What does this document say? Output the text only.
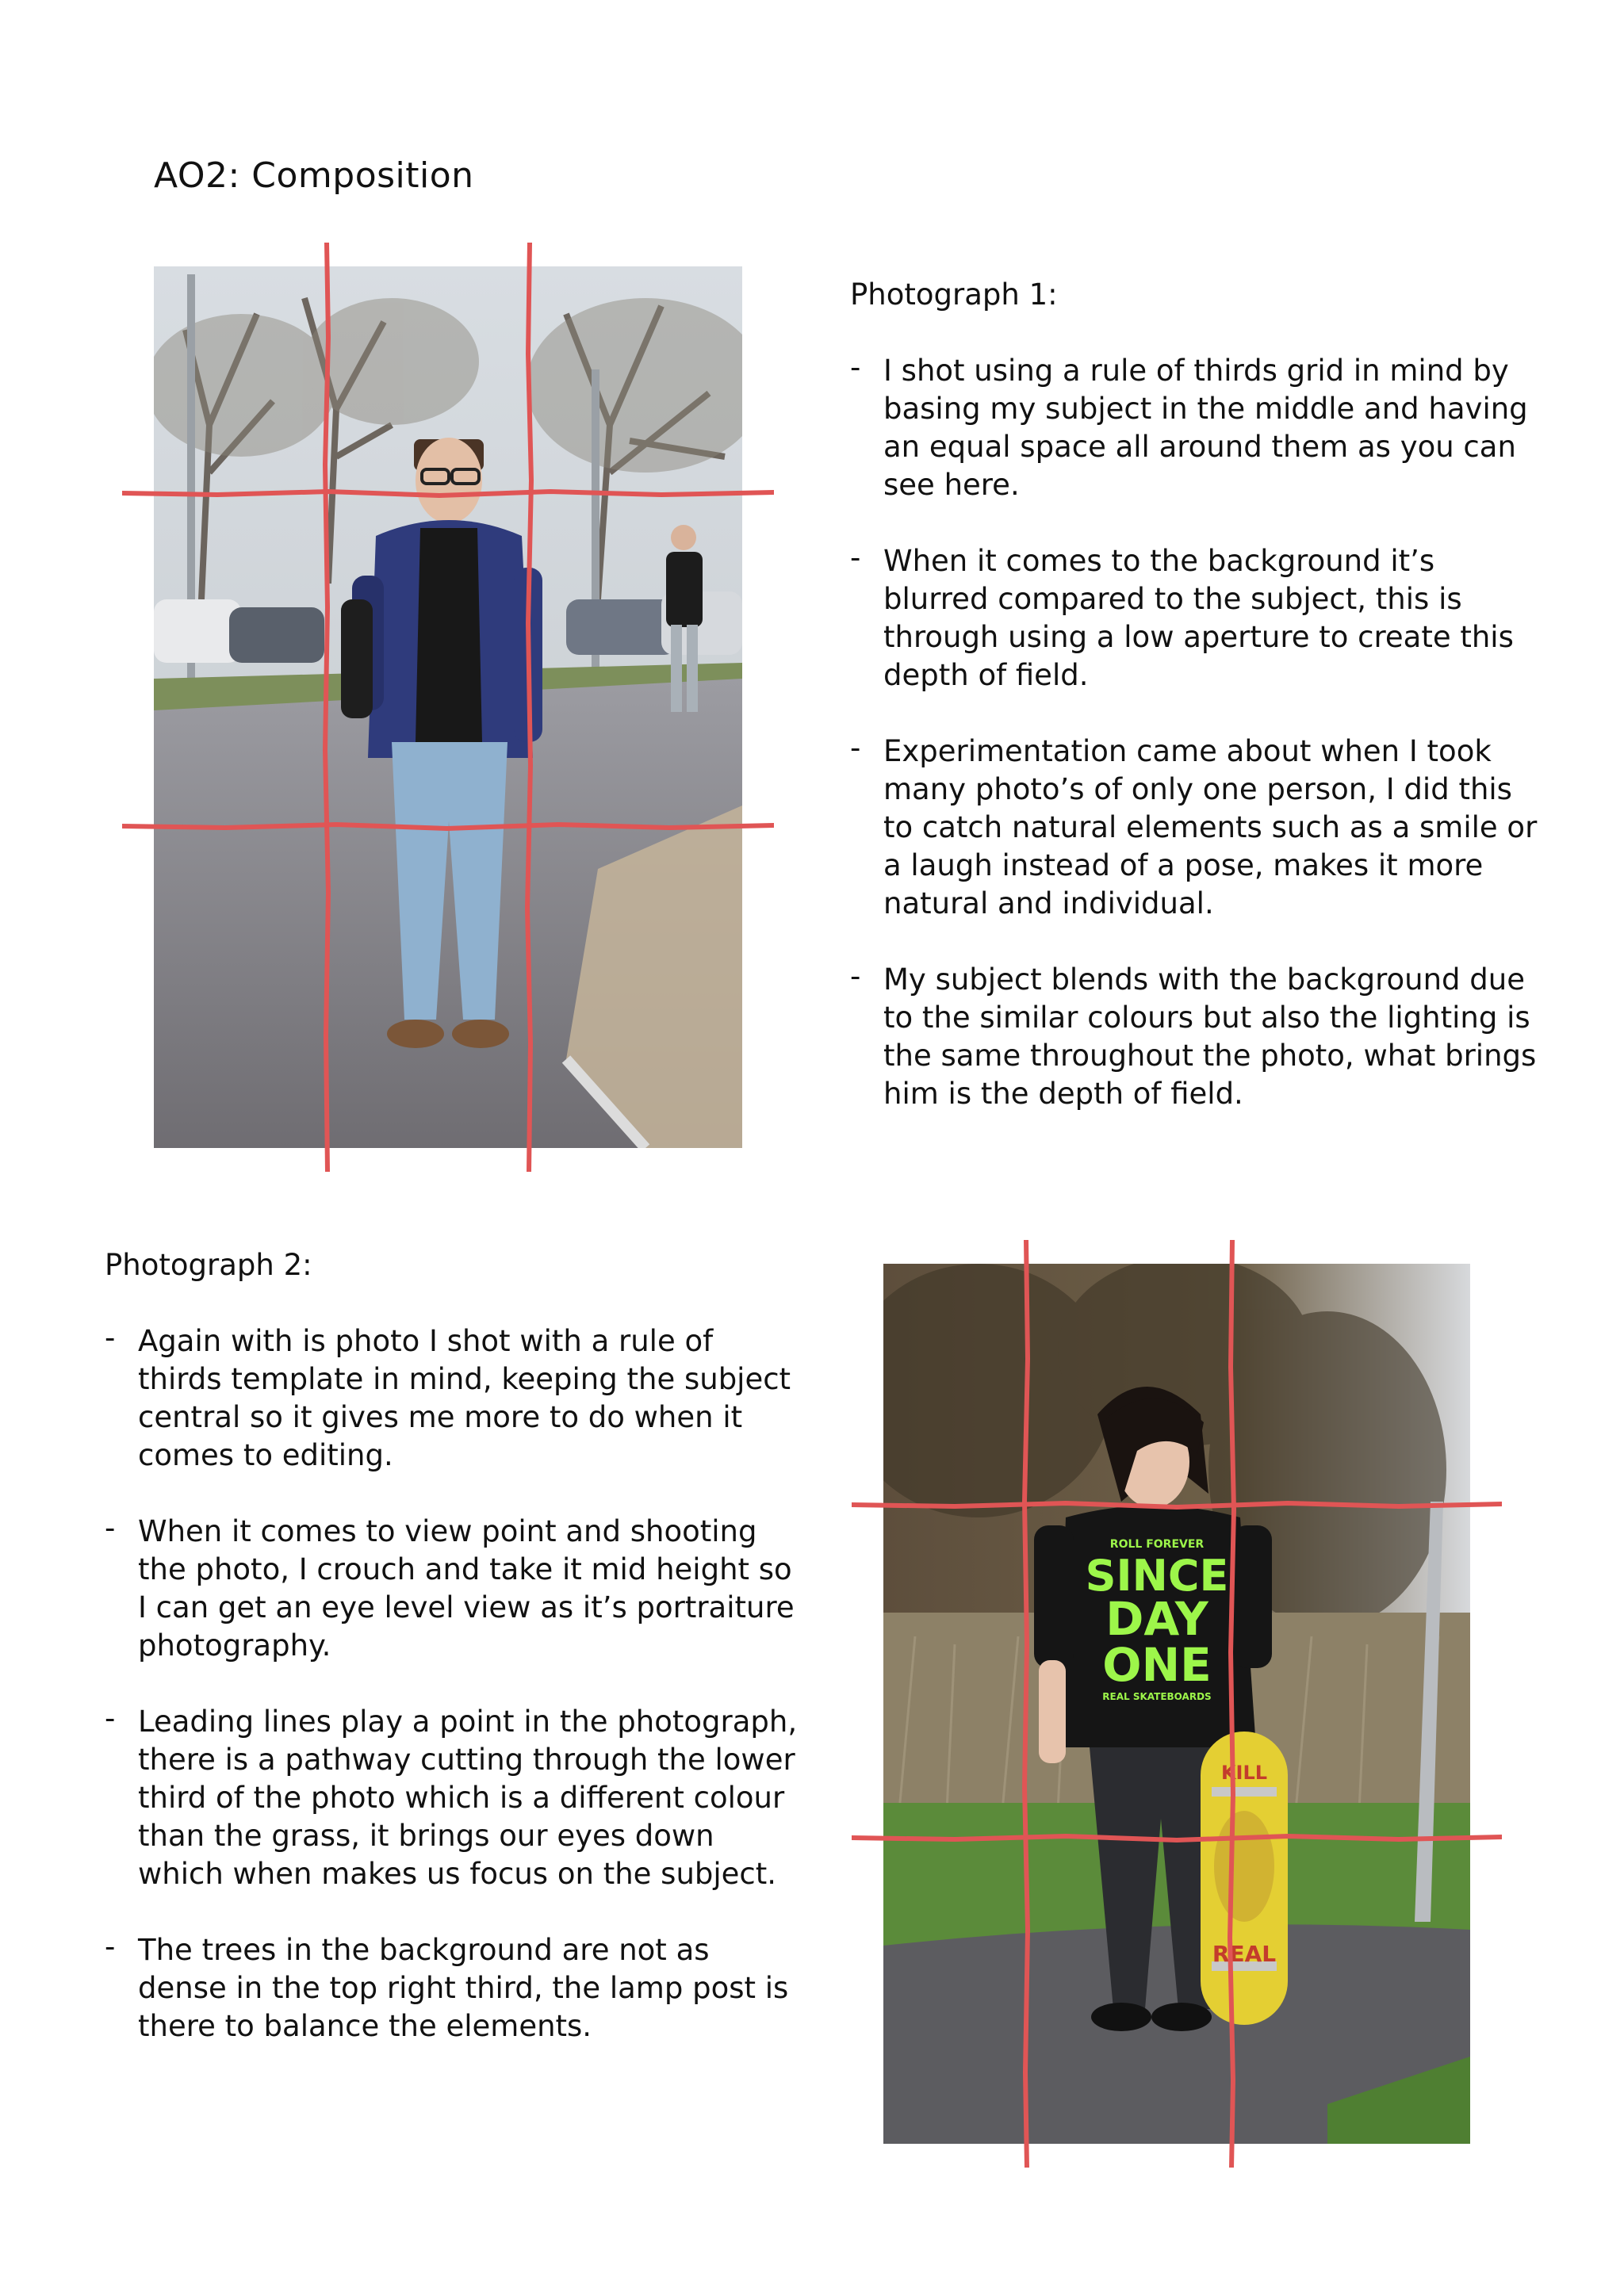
AO2: Composition
Photograph 1:
- I shot using a rule of thirds grid in mind by basing my subject in the middle and having an equal space all around them as you can see here.
- When it comes to the background it’s blurred compared to the subject, this is through using a low aperture to create this depth of field.
- Experimentation came about when I took many photo’s of only one person, I did this to catch natural elements such as a smile or a laugh instead of a pose, makes it more natural and individual.
- My subject blends with the background due to the similar colours but also the lighting is the same throughout the photo, what brings him is the depth of field.
Photograph 2:
- Again with is photo I shot with a rule of thirds template in mind, keeping the subject central so it gives me more to do when it comes to editing.
- When it comes to view point and shooting the photo, I crouch and take it mid height so I can get an eye level view as it’s portraiture photography.
- Leading lines play a point in the photograph, there is a pathway cutting through the lower third of the photo which is a different colour than the grass, it brings our eyes down which when makes us focus on the subject.
- The trees in the background are not as dense in the top right third, the lamp post is there to balance the elements.
ROLL FOREVER
SINCE
DAY
ONE
REAL SKATEBOARDS
KILL
REAL
